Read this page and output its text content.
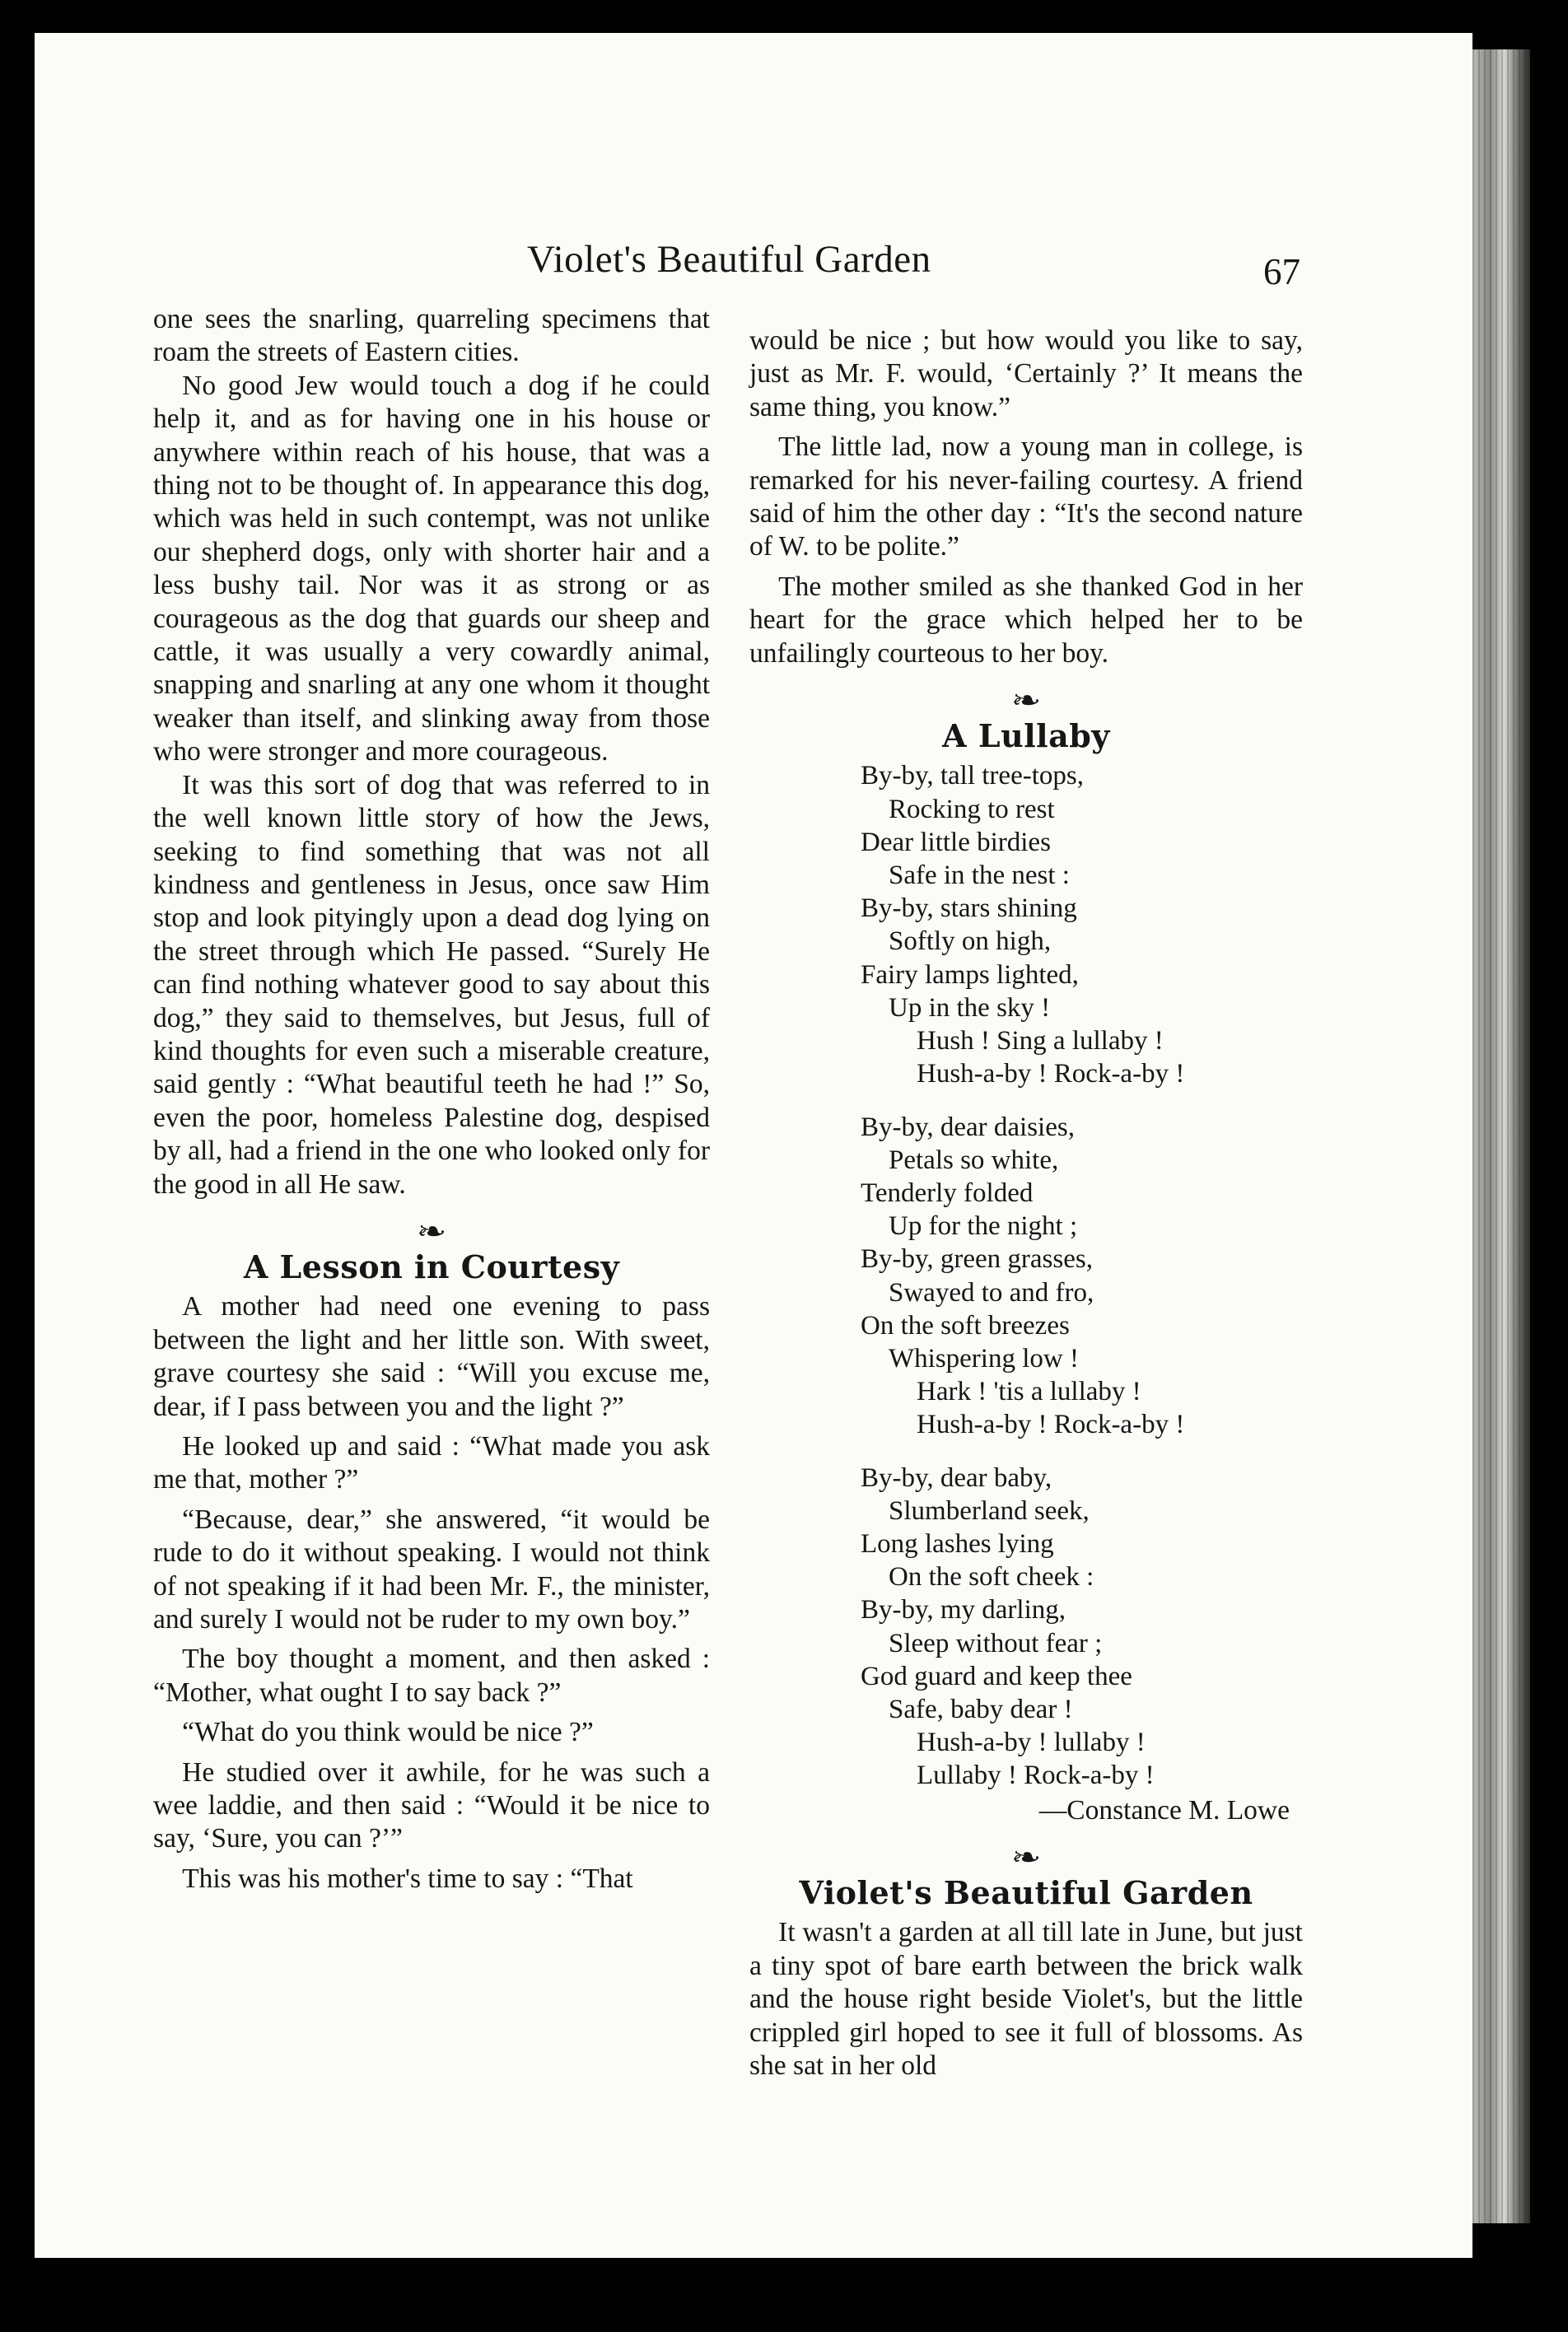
Violet's Beautiful Garden	67

one sees the snarling, quarreling specimens that roam the streets of Eastern cities.

No good Jew would touch a dog if he could help it, and as for having one in his house or anywhere within reach of his house, that was a thing not to be thought of. In appearance this dog, which was held in such contempt, was not unlike our shepherd dogs, only with shorter hair and a less bushy tail. Nor was it as strong or as courageous as the dog that guards our sheep and cattle, it was usually a very cowardly animal, snapping and snarling at any one whom it thought weaker than itself, and slinking away from those who were stronger and more courageous.

It was this sort of dog that was referred to in the well known little story of how the Jews, seeking to find something that was not all kindness and gentleness in Jesus, once saw Him stop and look pityingly upon a dead dog lying on the street through which He passed. “Surely He can find nothing whatever good to say about this dog,” they said to themselves, but Jesus, full of kind thoughts for even such a miserable creature, said gently : “What beautiful teeth he had !” So, even the poor, homeless Palestine dog, despised by all, had a friend in the one who looked only for the good in all He saw.

❧
A Lesson in Courtesy

A mother had need one evening to pass between the light and her little son. With sweet, grave courtesy she said : “Will you excuse me, dear, if I pass between you and the light ?”

He looked up and said : “What made you ask me that, mother ?”

“Because, dear,” she answered, “it would be rude to do it without speaking. I would not think of not speaking if it had been Mr. F., the minister, and surely I would not be ruder to my own boy.”

The boy thought a moment, and then asked : “Mother, what ought I to say back ?”

“What do you think would be nice ?”

He studied over it awhile, for he was such a wee laddie, and then said : “Would it be nice to say, ‘Sure, you can ?’”

This was his mother's time to say : “That

would be nice ; but how would you like to say, just as Mr. F. would, ‘Certainly ?’ It means the same thing, you know.”

The little lad, now a young man in college, is remarked for his never-failing courtesy. A friend said of him the other day : “It's the second nature of W. to be polite.”

The mother smiled as she thanked God in her heart for the grace which helped her to be unfailingly courteous to her boy.

❧
A Lullaby
By-by, tall tree-tops,
Rocking to rest
Dear little birdies
Safe in the nest :
By-by, stars shining
Softly on high,
Fairy lamps lighted,
Up in the sky !
Hush ! Sing a lullaby !
Hush-a-by ! Rock-a-by !
By-by, dear daisies,
Petals so white,
Tenderly folded
Up for the night ;
By-by, green grasses,
Swayed to and fro,
On the soft breezes
Whispering low !
Hark ! 'tis a lullaby !
Hush-a-by ! Rock-a-by !
By-by, dear baby,
Slumberland seek,
Long lashes lying
On the soft cheek :
By-by, my darling,
Sleep without fear ;
God guard and keep thee
Safe, baby dear !
Hush-a-by ! lullaby !
Lullaby ! Rock-a-by !
—Constance M. Lowe
❧
Violet's Beautiful Garden

It wasn't a garden at all till late in June, but just a tiny spot of bare earth between the brick walk and the house right beside Violet's, but the little crippled girl hoped to see it full of blossoms. As she sat in her old
